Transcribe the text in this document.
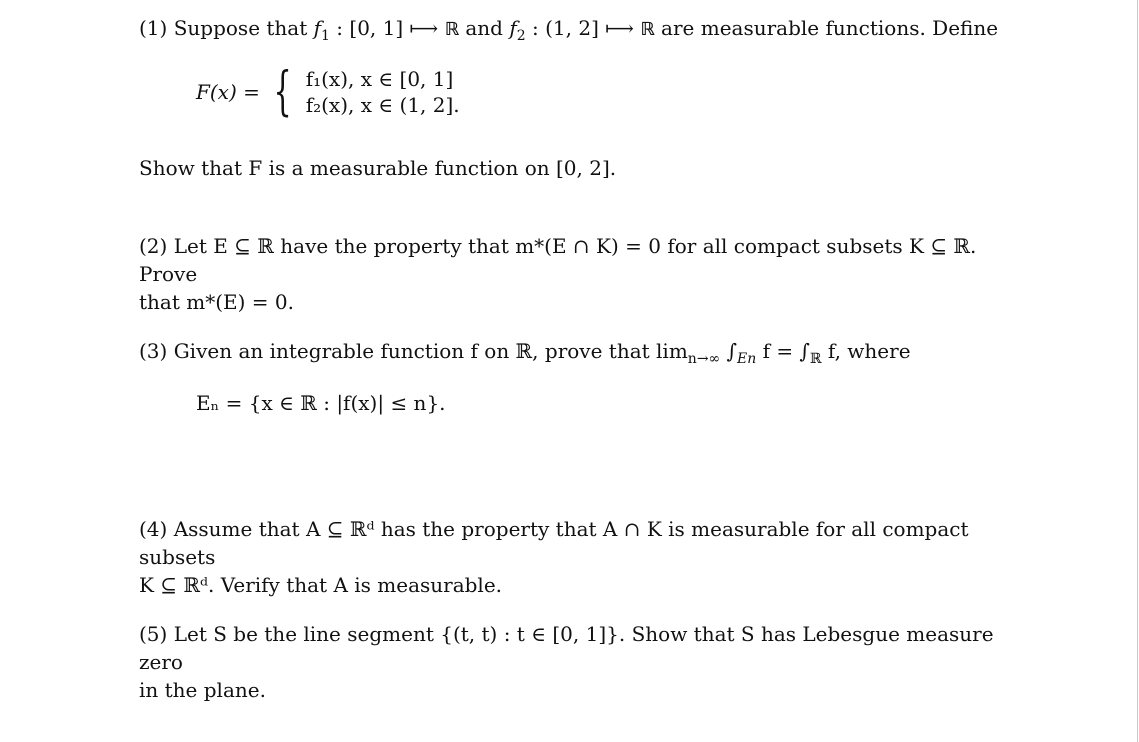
(1) Suppose that $f_1$ : [0, 1] ⟼ ℝ and $f_2$ : (1, 2] ⟼ ℝ are measurable functions. Define

F(x) = { f₁(x), x ∈ [0, 1]
f₂(x), x ∈ (1, 2].

Show that F is a measurable function on [0, 2].

(2) Let E ⊆ ℝ have the property that m*(E ∩ K) = 0 for all compact subsets K ⊆ ℝ. Prove

that m*(E) = 0.

(3) Given an integrable function f on ℝ, prove that $\lim_{n\to\infty} \int_{En}$ $f = \int_ℝ$ f, where

Eₙ = {x ∈ ℝ : |f(x)| ≤ n}.

(4) Assume that A ⊆ ℝᵈ has the property that A ∩ K is measurable for all compact subsets

K ⊆ ℝᵈ. Verify that A is measurable.

(5) Let S be the line segment {(t, t) : t ∈ [0, 1]}. Show that S has Lebesgue measure zero

in the plane.
